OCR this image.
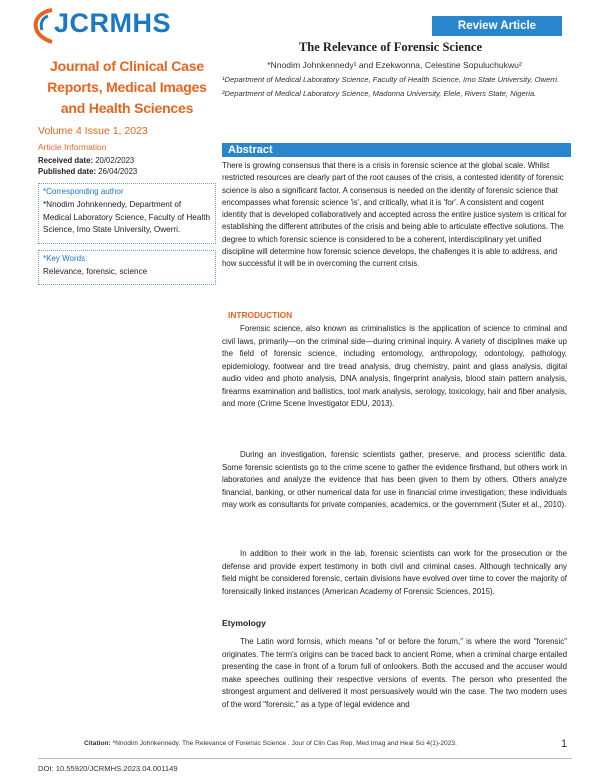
JCRMHS	Review Article
The Relevance of Forensic Science
Journal of Clinical Case Reports, Medical Images and Health Sciences
Volume 4 Issue 1, 2023
Article Information
Received date: 20/02/2023
Published date: 26/04/2023
*Corresponding author
*Nnodim Johnkennedy, Department of Medical Laboratory Science, Faculty of Health Science, Imo State University, Owerri.
*Key Words:
Relevance, forensic, science
*Nnodim Johnkennedy¹ and Ezekwonna, Celestine Sopuluchukwu²
¹Department of Medical Laboratory Science, Faculty of Health Science, Imo State University, Owerri.
²Department of Medical Laboratory Science, Madonna University, Elele, Rivers State, Nigeria.
Abstract
There is growing consensus that there is a crisis in forensic science at the global scale. Whilst restricted resources are clearly part of the root causes of the crisis, a contested identity of forensic science is also a significant factor. A consensus is needed on the identity of forensic science that encompasses what forensic science 'is', and critically, what it is 'for'. A consistent and cogent identity that is developed collaboratively and accepted across the entire justice system is critical for establishing the different attributes of the crisis and being able to articulate effective solutions. The degree to which forensic science is considered to be a coherent, interdisciplinary yet unified discipline will determine how forensic science develops, the challenges it is able to address, and how successful it will be in overcoming the current crisis.
INTRODUCTION
Forensic science, also known as criminalistics is the application of science to criminal and civil laws, primarily—on the criminal side—during criminal inquiry. A variety of disciplines make up the field of forensic science, including entomology, anthropology, odontology, pathology, epidemiology, footwear and tire tread analysis, drug chemistry, paint and glass analysis, digital audio video and photo analysis, DNA analysis, fingerprint analysis, blood stain pattern analysis, firearms examination and ballistics, tool mark analysis, serology, toxicology, hair and fiber analysis, and more (Crime Scene Investigator EDU, 2013).
During an investigation, forensic scientists gather, preserve, and process scientific data. Some forensic scientists go to the crime scene to gather the evidence firsthand, but others work in laboratories and analyze the evidence that has been given to them by others. Others analyze financial, banking, or other numerical data for use in financial crime investigation; these individuals may work as consultants for private companies, academics, or the government (Suter et al., 2010).
In addition to their work in the lab, forensic scientists can work for the prosecution or the defense and provide expert testimony in both civil and criminal cases. Although technically any field might be considered forensic, certain divisions have evolved over time to cover the majority of forensically linked instances (American Academy of Forensic Sciences, 2015).
Etymology
The Latin word fornsis, which means "of or before the forum," is where the word "forensic" originates. The term's origins can be traced back to ancient Rome, when a criminal charge entailed presenting the case in front of a forum full of onlookers. Both the accused and the accuser would make speeches outlining their respective versions of events. The person who presented the strongest argument and delivered it most persuasively would win the case. The two modern uses of the word "forensic," as a type of legal evidence and
Citation: *Nnodim Johnkennedy. The Relevance of Forensic Science . Jour of Clin Cas Rep, Med Imag and Heal Sci 4(1)-2023.	1
DOI: 10.55920/JCRMHS.2023.04.001149
